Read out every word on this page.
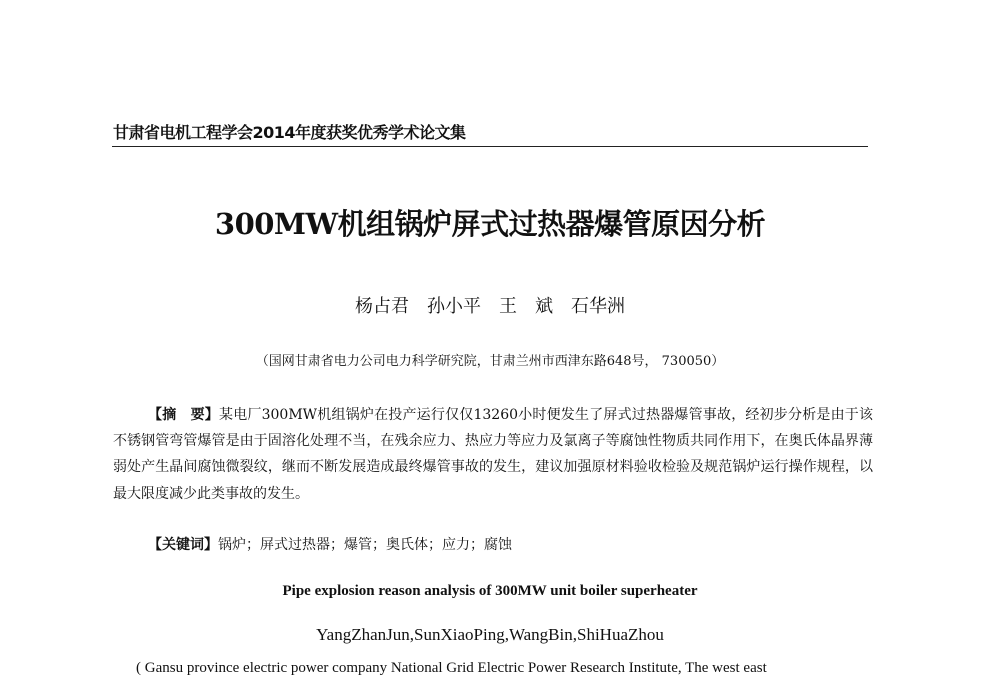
甘肃省电机工程学会2014年度获奖优秀学术论文集
300MW机组锅炉屏式过热器爆管原因分析
杨占君　孙小平　王　斌　石华洲
（国网甘肃省电力公司电力科学研究院，甘肃兰州市西津东路648号， 730050）

【摘　要】某电厂300MW机组锅炉在投产运行仅仅13260小时便发生了屏式过热器爆管事故，经初步分析是由于该不锈钢管弯管爆管是由于固溶化处理不当，在残余应力、热应力等应力及氯离子等腐蚀性物质共同作用下，在奥氏体晶界薄弱处产生晶间腐蚀微裂纹，继而不断发展造成最终爆管事故的发生，建议加强原材料验收检验及规范锅炉运行操作规程，以最大限度减少此类事故的发生。

【关键词】锅炉；屏式过热器；爆管；奥氏体；应力；腐蚀

Pipe explosion reason analysis of 300MW unit boiler superheater
YangZhanJun,SunXiaoPing,WangBin,ShiHuaZhou
( Gansu province electric power company National Grid Electric Power Research Institute, The west east
